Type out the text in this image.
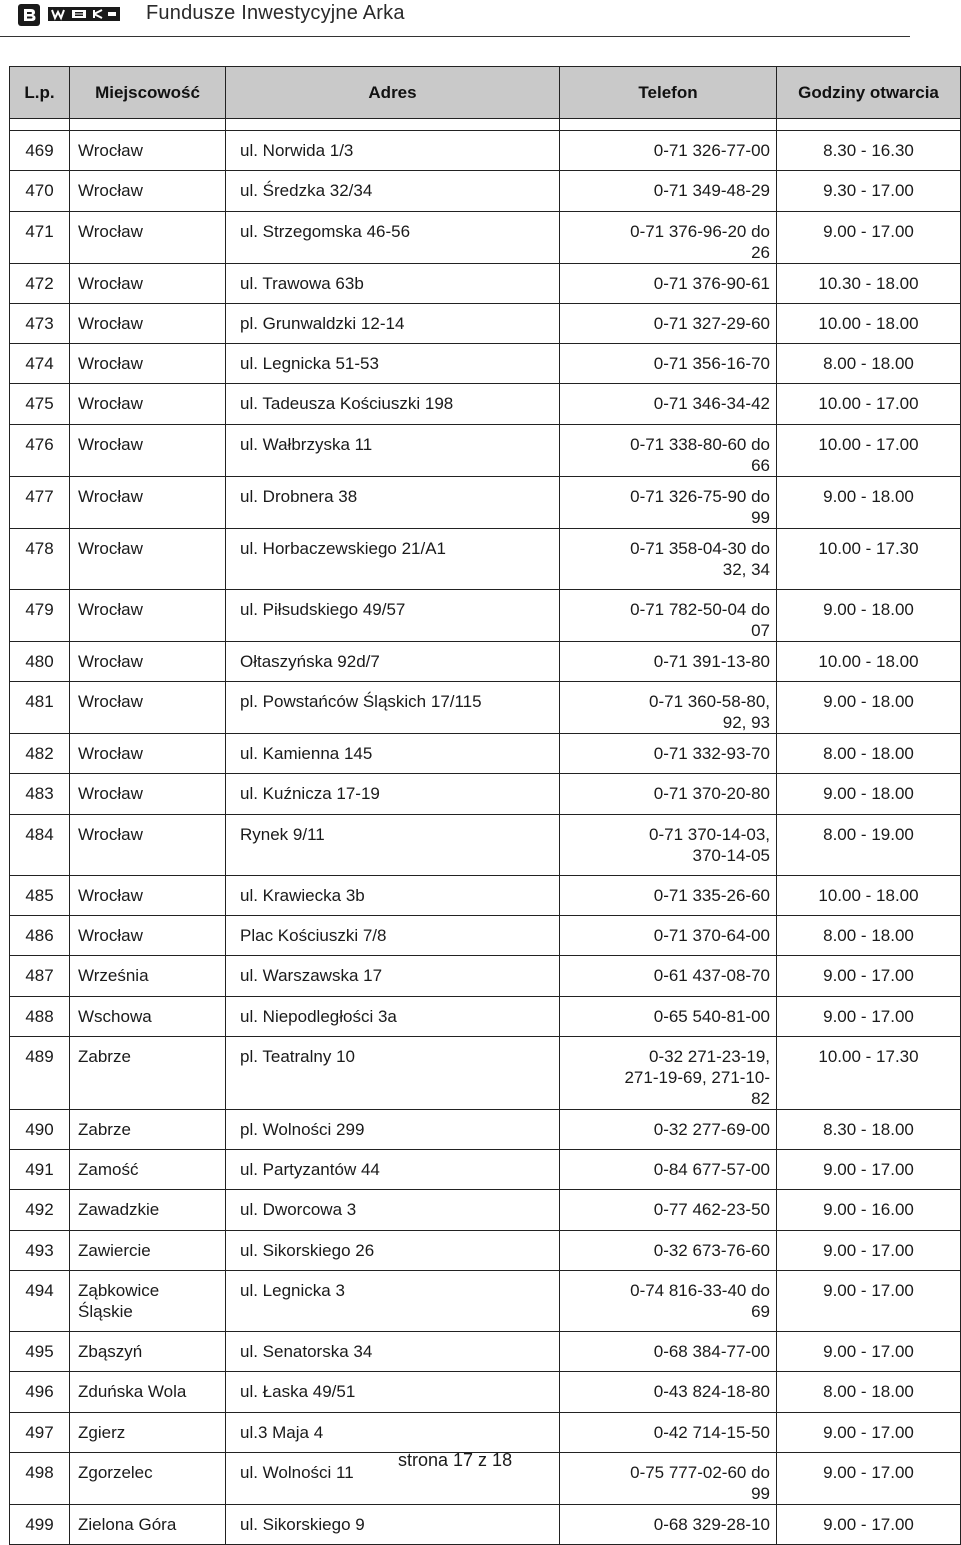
Fundusze Inwestycyjne Arka
L.p.	Miejscowość	Adres	Telefon	Godziny otwarcia

469	Wrocław	ul. Norwida 1/3	0-71 326-77-00	8.30 - 16.30
470	Wrocław	ul. Średzka 32/34	0-71 349-48-29	9.30 - 17.00
471	Wrocław	ul. Strzegomska 46-56	0-71 376-96-20 do 26	9.00 - 17.00
472	Wrocław	ul. Trawowa 63b	0-71 376-90-61	10.30 - 18.00
473	Wrocław	pl. Grunwaldzki 12-14	0-71 327-29-60	10.00 - 18.00
474	Wrocław	ul. Legnicka 51-53	0-71 356-16-70	8.00 - 18.00
475	Wrocław	ul. Tadeusza Kościuszki 198	0-71 346-34-42	10.00 - 17.00
476	Wrocław	ul. Wałbrzyska 11	0-71 338-80-60 do 66	10.00 - 17.00
477	Wrocław	ul. Drobnera 38	0-71 326-75-90 do 99	9.00 - 18.00
478	Wrocław	ul. Horbaczewskiego 21/A1	0-71 358-04-30 do 32, 34	10.00 - 17.30
479	Wrocław	ul. Piłsudskiego 49/57	0-71 782-50-04 do 07	9.00 - 18.00
480	Wrocław	Ołtaszyńska 92d/7	0-71 391-13-80	10.00 - 18.00
481	Wrocław	pl. Powstańców Śląskich 17/115	0-71 360-58-80, 92, 93	9.00 - 18.00
482	Wrocław	ul. Kamienna 145	0-71 332-93-70	8.00 - 18.00
483	Wrocław	ul. Kuźnicza 17-19	0-71 370-20-80	9.00 - 18.00
484	Wrocław	Rynek 9/11	0-71 370-14-03, 370-14-05	8.00 - 19.00
485	Wrocław	ul. Krawiecka 3b	0-71 335-26-60	10.00 - 18.00
486	Wrocław	Plac Kościuszki 7/8	0-71 370-64-00	8.00 - 18.00
487	Września	ul. Warszawska 17	0-61 437-08-70	9.00 - 17.00
488	Wschowa	ul. Niepodległości 3a	0-65 540-81-00	9.00 - 17.00
489	Zabrze	pl. Teatralny 10	0-32 271-23-19, 271-19-69, 271-10-82	10.00 - 17.30
490	Zabrze	pl. Wolności 299	0-32 277-69-00	8.30 - 18.00
491	Zamość	ul. Partyzantów 44	0-84 677-57-00	9.00 - 17.00
492	Zawadzkie	ul. Dworcowa 3	0-77 462-23-50	9.00 - 16.00
493	Zawiercie	ul. Sikorskiego 26	0-32 673-76-60	9.00 - 17.00
494	Ząbkowice Śląskie	ul. Legnicka 3	0-74 816-33-40 do 69	9.00 - 17.00
495	Zbąszyń	ul. Senatorska 34	0-68 384-77-00	9.00 - 17.00
496	Zduńska Wola	ul. Łaska 49/51	0-43 824-18-80	8.00 - 18.00
497	Zgierz	ul.3 Maja 4	0-42 714-15-50	9.00 - 17.00
498	Zgorzelec	ul. Wolności 11	0-75 777-02-60 do 99	9.00 - 17.00
499	Zielona Góra	ul. Sikorskiego 9	0-68 329-28-10	9.00 - 17.00
strona 17 z 18
